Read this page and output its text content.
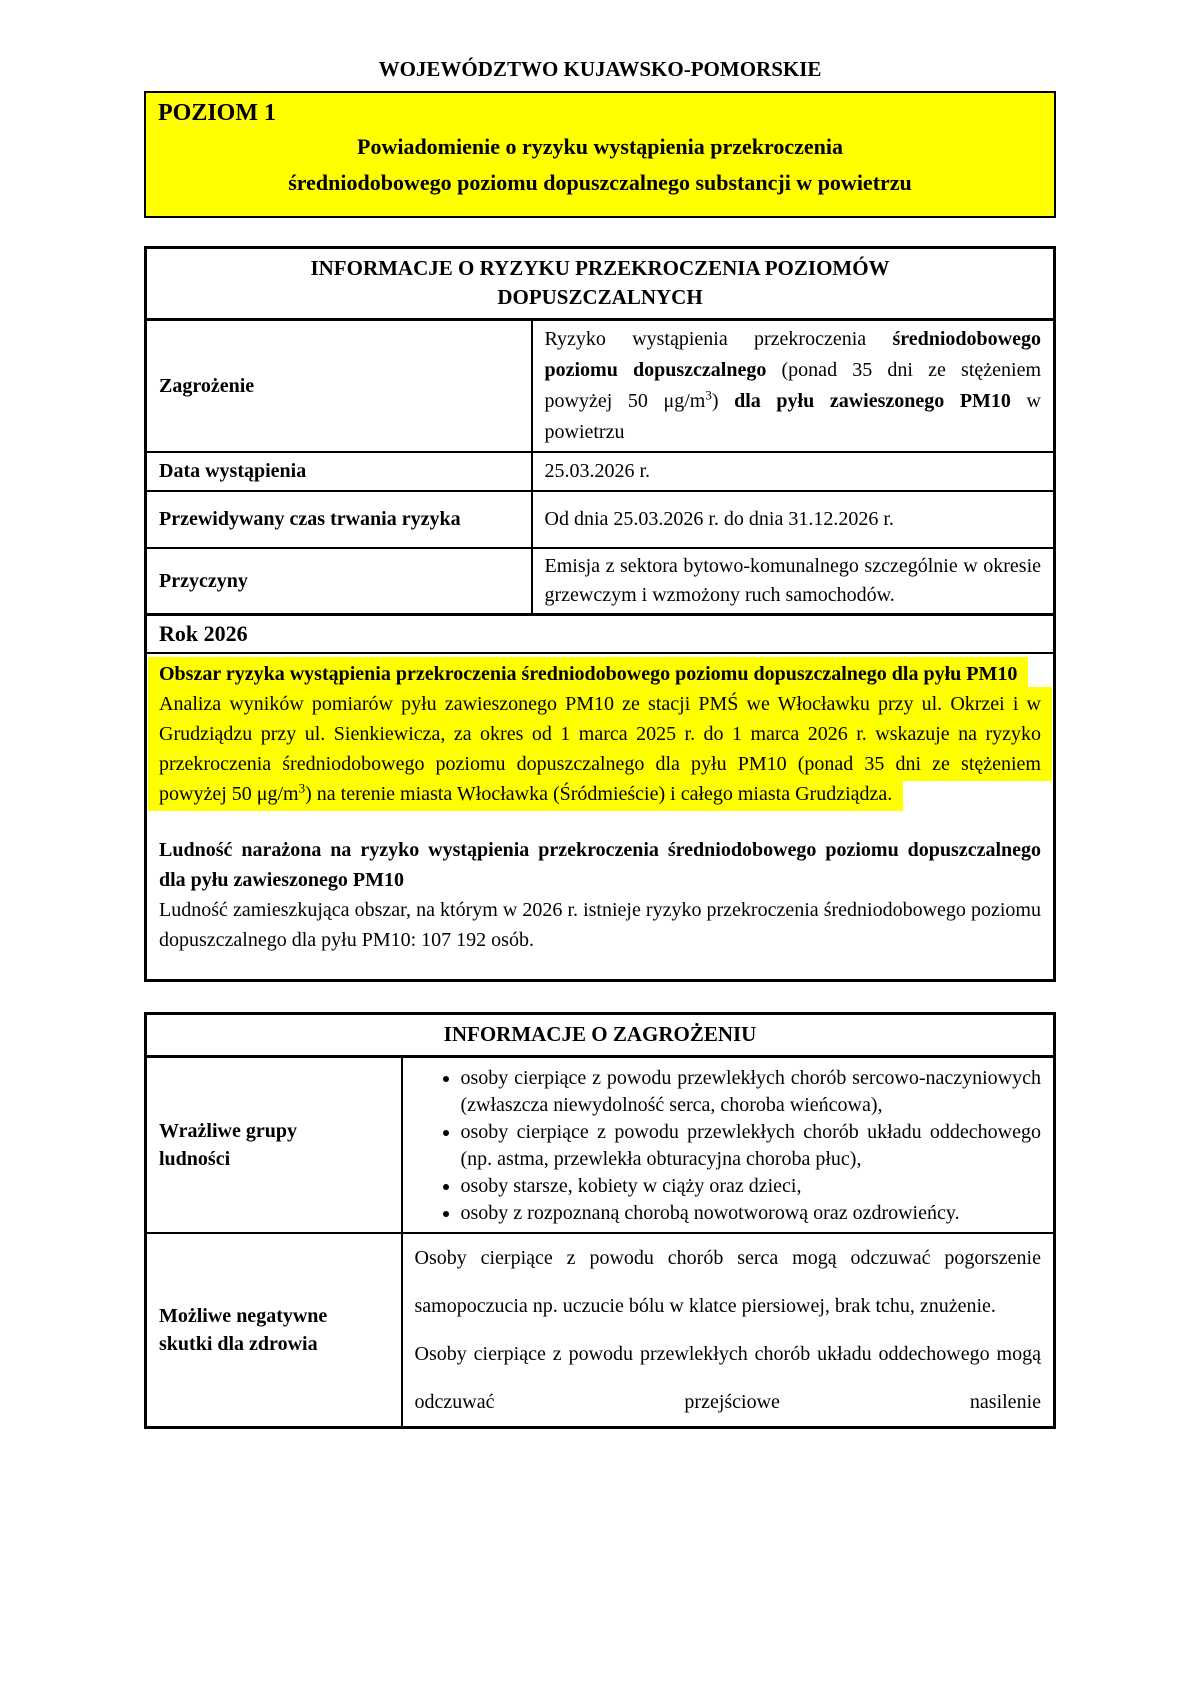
WOJEWÓDZTWO KUJAWSKO-POMORSKIE
POZIOM 1
Powiadomienie o ryzyku wystąpienia przekroczenia
średniodobowego poziomu dopuszczalnego substancji w powietrzu
INFORMACJE O RYZYKU PRZEKROCZENIA POZIOMÓW
DOPUSZCZALNYCH	

Zagrożenie	Ryzyko wystąpienia przekroczenia średniodobowego poziomu dopuszczalnego (ponad 35 dni ze stężeniem powyżej 50 $\mu g/m^3$) dla pyłu zawieszonego PM10 w powietrzu

Data wystąpienia	25.03.2026 r.

Przewidywany czas trwania ryzyka	Od dnia 25.03.2026 r. do dnia 31.12.2026 r.

Przyczyny	Emisja z sektora bytowo-komunalnego szczególnie w okresie grzewczym i wzmożony ruch samochodów.
Rok 2026	

Obszar ryzyka wystąpienia przekroczenia średniodobowego poziomu dopuszczalnego dla pyłu PM10
Analiza wyników pomiarów pyłu zawieszonego PM10 ze stacji PMŚ we Włocławku przy ul. Okrzei i w Grudziądzu przy ul. Sienkiewicza, za okres od 1 marca 2025 r. do 1 marca 2026 r. wskazuje na ryzyko przekroczenia średniodobowego poziomu dopuszczalnego dla pyłu PM10 (ponad 35 dni ze stężeniem powyżej 50 $\mu g/m^3$) na terenie miasta Włocławka (Śródmieście) i całego miasta Grudziądza.
Ludność narażona na ryzyko wystąpienia przekroczenia średniodobowego poziomu dopuszczalnego dla pyłu zawieszonego PM10
Ludność zamieszkująca obszar, na którym w 2026 r. istnieje ryzyko przekroczenia średniodobowego poziomu dopuszczalnego dla pyłu PM10: 107 192 osób.	
INFORMACJE O ZAGROŻENIU	

Wrażliwe grupy ludności

• osoby cierpiące z powodu przewlekłych chorób sercowo-naczyniowych (zwłaszcza niewydolność serca, choroba wieńcowa),
• osoby cierpiące z powodu przewlekłych chorób układu oddechowego (np. astma, przewlekła obturacyjna choroba płuc),
• osoby starsze, kobiety w ciąży oraz dzieci,
• osoby z rozpoznaną chorobą nowotworową oraz ozdrowieńcy.

Możliwe negatywne skutki dla zdrowia	Osoby cierpiące z powodu chorób serca mogą odczuwać pogorszenie samopoczucia np. uczucie bólu w klatce piersiowej, brak tchu, znużenie.
Osoby cierpiące z powodu przewlekłych chorób układu oddechowego mogą odczuwać przejściowe nasilenie
